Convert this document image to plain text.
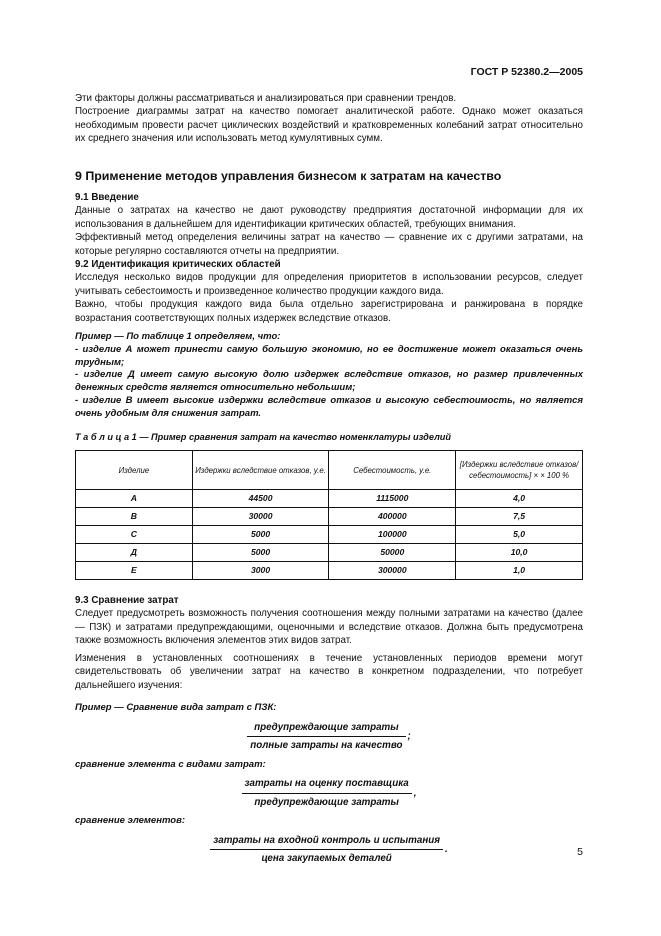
ГОСТ Р 52380.2—2005

Эти факторы должны рассматриваться и анализироваться при сравнении трендов.

Построение диаграммы затрат на качество помогает аналитической работе. Однако может оказаться необходимым провести расчет циклических воздействий и кратковременных колебаний затрат относительно их среднего значения или использовать метод кумулятивных сумм.

9 Применение методов управления бизнесом к затратам на качество
9.1 Введение

Данные о затратах на качество не дают руководству предприятия достаточной информации для их использования в дальнейшем для идентификации критических областей, требующих внимания.

Эффективный метод определения величины затрат на качество — сравнение их с другими затратами, на которые регулярно составляются отчеты на предприятии.

9.2 Идентификация критических областей

Исследуя несколько видов продукции для определения приоритетов в использовании ресурсов, следует учитывать себестоимость и произведенное количество продукции каждого вида.

Важно, чтобы продукция каждого вида была отдельно зарегистрирована и ранжирована в порядке возрастания соответствующих полных издержек вследствие отказов.

Пример — По таблице 1 определяем, что:

- изделие А может принести самую большую экономию, но ее достижение может оказаться очень трудным;

- изделие Д имеет самую высокую долю издержек вследствие отказов, но размер привлеченных денежных средств является относительно небольшим;

- изделие В имеет высокие издержки вследствие отказов и высокую себестоимость, но является очень удобным для снижения затрат.

Т а б л и ц а 1 — Пример сравнения затрат на качество номенклатуры изделий
Изделие	Издержки вследствие отказов, у.е.	Себестоимость, у.е.	[Издержки вследствие отказов/себестоимость] × × 100 %
А	44500	1115000	4,0
В	30000	400000	7,5
С	5000	100000	5,0
Д	5000	50000	10,0
Е	3000	300000	1,0
9.3 Сравнение затрат

Следует предусмотреть возможность получения соотношения между полными затратами на качество (далее — ПЗК) и затратами предупреждающими, оценочными и вследствие отказов. Должна быть предусмотрена также возможность включения элементов этих видов затрат.

Изменения в установленных соотношениях в течение установленных периодов времени могут свидетельствовать об увеличении затрат на качество в конкретном подразделении, что потребует дальнейшего изучения:

Пример — Сравнение вида затрат с ПЗК:

$\frac{\text{предупреждающие затраты}}{\text{полные затраты на качество}}$ ;

сравнение элемента с видами затрат:

$\frac{\text{затраты на оценку поставщика}}{\text{предупреждающие затраты}}$ ,

сравнение элементов:

$\frac{\text{затраты на входной контроль и испытания}}{\text{цена закупаемых деталей}}$ .	5
